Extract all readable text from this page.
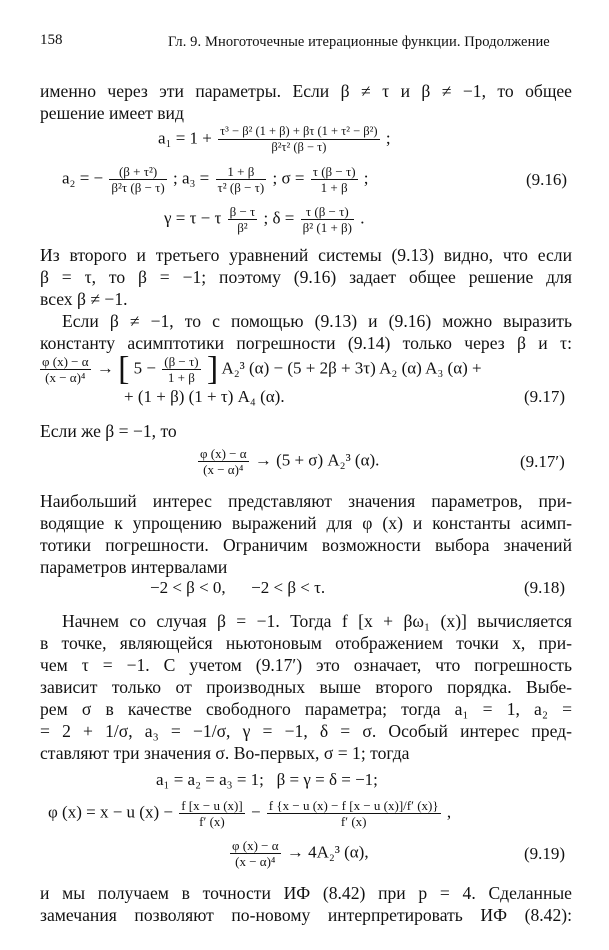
158	Гл. 9. Многоточечные итерационные функции. Продолжение
именно через эти параметры. Если β ≠ τ и β ≠ −1, то общее
решение имеет вид
$a_1 = 1 + \frac{\text{τ³ − β² (1 + β) + βτ (1 + τ² − β²)}}{\text{β²τ² (β − τ)}}$ ;
a₂ = − $\frac{\text{(β + τ²)}}{\text{β²τ (β − τ)}}$ ; $a_3 = \frac{1 + \beta}{\text{τ² (β − τ)}}$ ; $\sigma = \frac{\tau (\beta - \tau)}{1 + \beta}$ ;	(9.16)
γ = τ − τ $\frac{\beta - \tau}{\text{β²}}$ ; $\delta = \frac{\tau (\beta - \tau)}{\text{β² (1 + β)}}$ .
Из второго и третьего уравнений системы (9.13) видно, что если
β = τ, то β = −1; поэтому (9.16) задает общее решение для
всех β ≠ −1.
Если β ≠ −1, то с помощью (9.13) и (9.16) можно выразить
константу асимптотики погрешности (9.14) только через β и τ:
$\frac{\varphi (x) - \alpha}{\text{(x − α)⁴}}$ → [ $5 - \frac{(\beta - \tau)}{1 + \beta}$ ] A₂³ (α) − (5 + 2β + 3τ) A₂ (α) A₃ (α) +
+ (1 + β) (1 + τ) A₄ (α).	(9.17)
Если же β = −1, то
$\frac{\varphi (x) - \alpha}{\text{(x − α)⁴}} \to (5 + \sigma)$ A₂³ (α).	(9.17′)
Наибольший интерес представляют значения параметров, при-
водящие к упрощению выражений для φ (x) и константы асимп-
тотики погрешности. Ограничим возможности выбора значений
параметров интервалами
−2 < β < 0,      −2 < β < τ.	(9.18)
Начнем со случая β = −1. Тогда f [x + βω₁ (x)] вычисляется
в точке, являющейся ньютоновым отображением точки x, при-
чем τ = −1. С учетом (9.17′) это означает, что погрешность
зависит только от производных выше второго порядка. Выбе-
рем σ в качестве свободного параметра; тогда a₁ = 1, a₂ =
= 2 + 1/σ, a₃ = −1/σ, γ = −1, δ = σ. Особый интерес пред-
ставляют три значения σ. Во-первых, σ = 1; тогда
a₁ = a₂ = a₃ = 1;   β = γ = δ = −1;
φ (x) = x − u $(x) - \frac{f [x - u (x)]}{f' (x)} - \frac{f \{x - u (x) - f [x - u (x)]/f' (x)\}}{f' (x)}$ ,
$\frac{\varphi (x) - \alpha}{\text{(x − α)⁴}} \to 4A_2^3$ (α),	(9.19)
и мы получаем в точности ИФ (8.42) при p = 4. Сделанные
замечания позволяют по-новому интерпретировать ИФ (8.42):
